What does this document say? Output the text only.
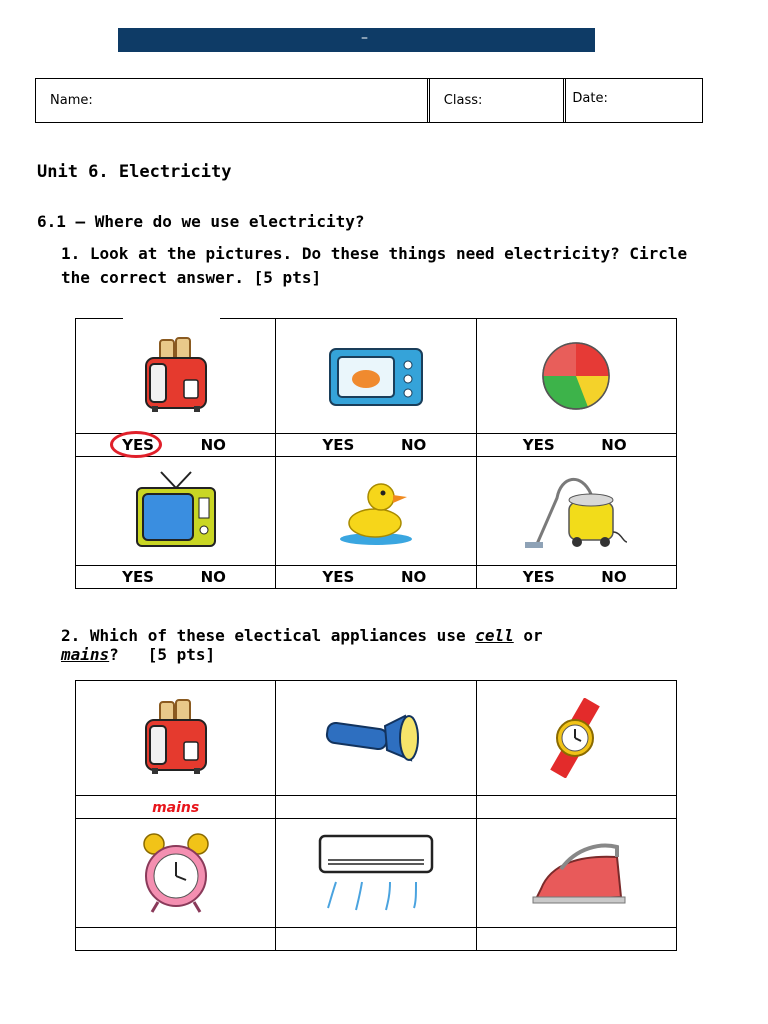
–
Name:	Class:	Date:
Unit 6. Electricity
6.1 – Where do we use electricity?
1. Look at the pictures. Do these things need electricity? Circle the correct answer. [5 pts]

YES NO	YES NO	YES NO

YES NO	YES NO	YES NO
2. Which of these electical appliances use cell or mains?   [5 pts]

mains		
